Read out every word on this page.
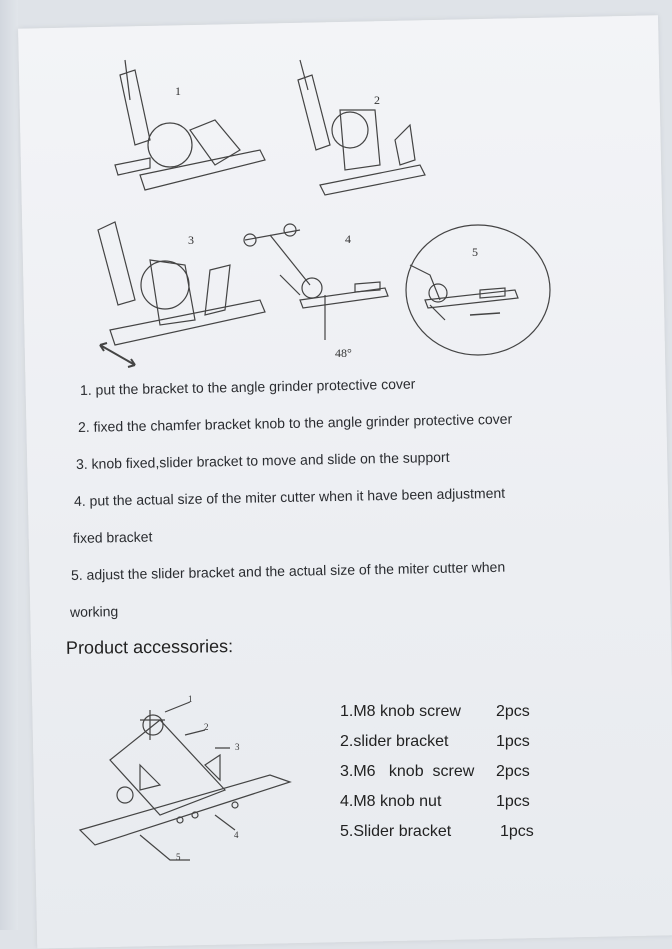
1
2
3	4
48°
5
1
2
3
4
5
1. put the bracket to the angle grinder protective cover
2. fixed the chamfer bracket knob to the angle grinder protective cover
3. knob fixed,slider bracket to move and slide on the support
4. put the actual size of the miter cutter when it have been adjustment
fixed bracket
5. adjust the slider bracket and the actual size of the miter cutter when
working
Product accessories:
1.M8 knob screw 2pcs
2.slider bracket	1pcs
3.M6   knob  screw 2pcs
4.M8 knob nut	1pcs
5.Slider bracket	1pcs
